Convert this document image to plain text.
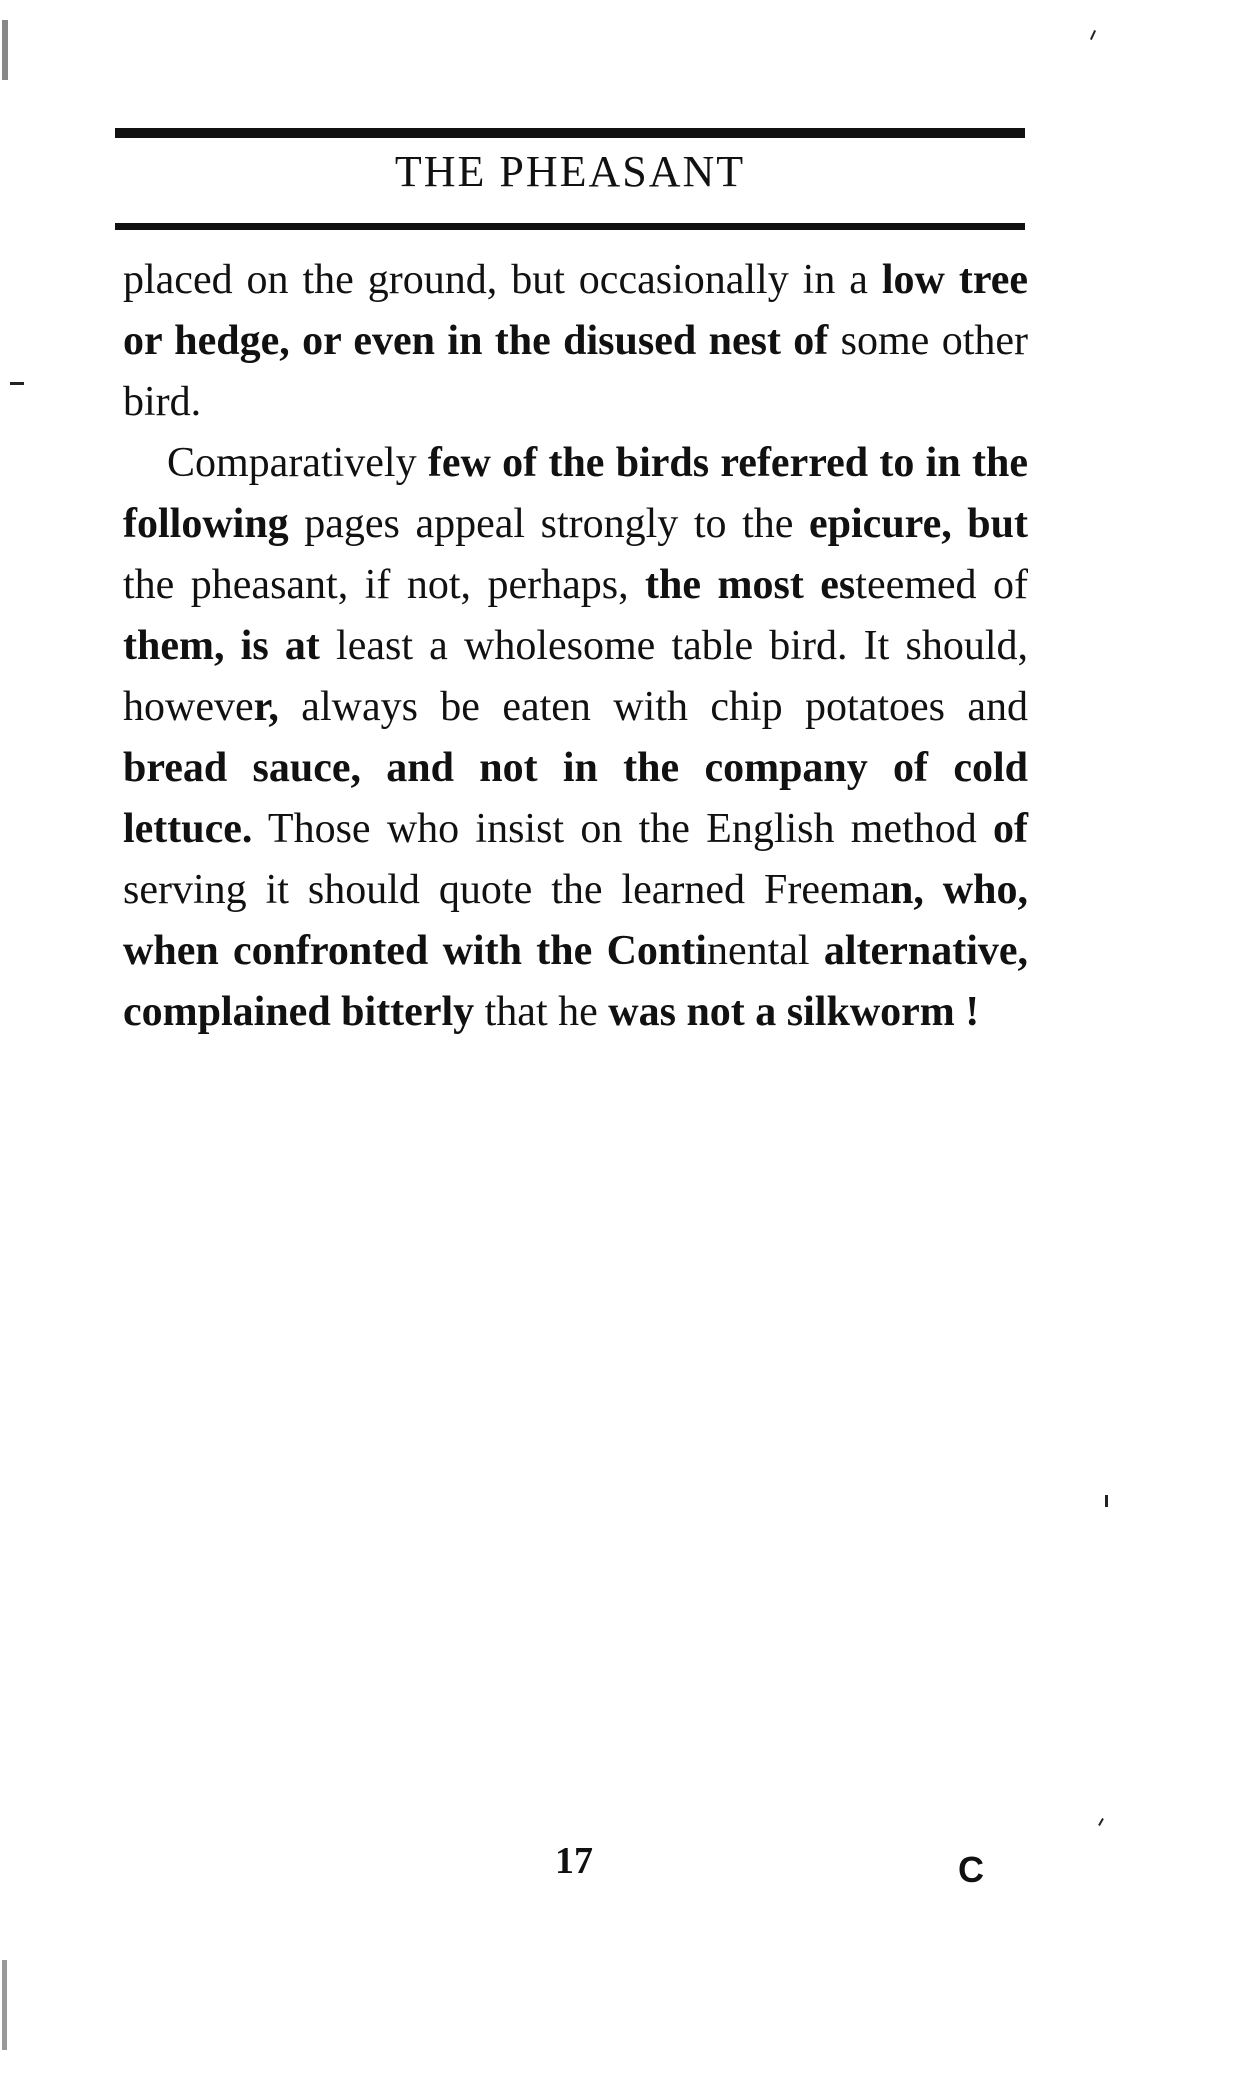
THE PHEASANT

placed on the ground, but occasionally in a low tree or hedge, or even in the disused nest of some other bird.

Comparatively few of the birds referred to in the following pages appeal strongly to the epicure, but the pheasant, if not, perhaps, the most esteemed of them, is at least a wholesome table bird. It should, however, always be eaten with chip potatoes and bread sauce, and not in the company of cold lettuce. Those who insist on the English method of serving it should quote the learned Freeman, who, when confronted with the Continental alternative, complained bitterly that he was not a silkworm !

17	C
